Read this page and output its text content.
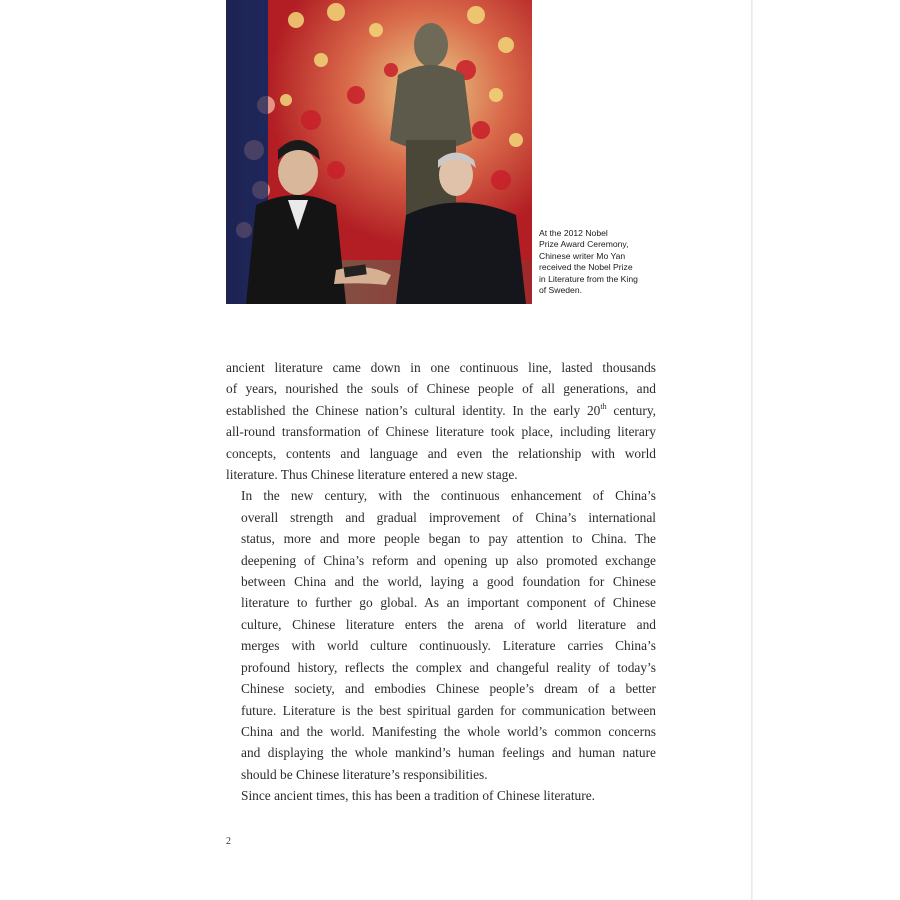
At the 2012 Nobel
Prize Award Ceremony,
Chinese writer Mo Yan
received the Nobel Prize
in Literature from the King
of Sweden.

ancient literature came down in one continuous line, lasted thousands
of years, nourished the souls of Chinese people of all generations, and
established the Chinese nation’s cultural identity. In the early 20th century,
all-round transformation of Chinese literature took place, including literary
concepts, contents and language and even the relationship with world
literature. Thus Chinese literature entered a new stage.

In the new century, with the continuous enhancement of China’s
overall strength and gradual improvement of China’s international
status, more and more people began to pay attention to China. The
deepening of China’s reform and opening up also promoted exchange
between China and the world, laying a good foundation for Chinese
literature to further go global. As an important component of Chinese
culture, Chinese literature enters the arena of world literature and
merges with world culture continuously. Literature carries China’s
profound history, reflects the complex and changeful reality of today’s
Chinese society, and embodies Chinese people’s dream of a better
future. Literature is the best spiritual garden for communication between
China and the world. Manifesting the whole world’s common concerns
and displaying the whole mankind’s human feelings and human nature
should be Chinese literature’s responsibilities.

Since ancient times, this has been a tradition of Chinese literature.

2
